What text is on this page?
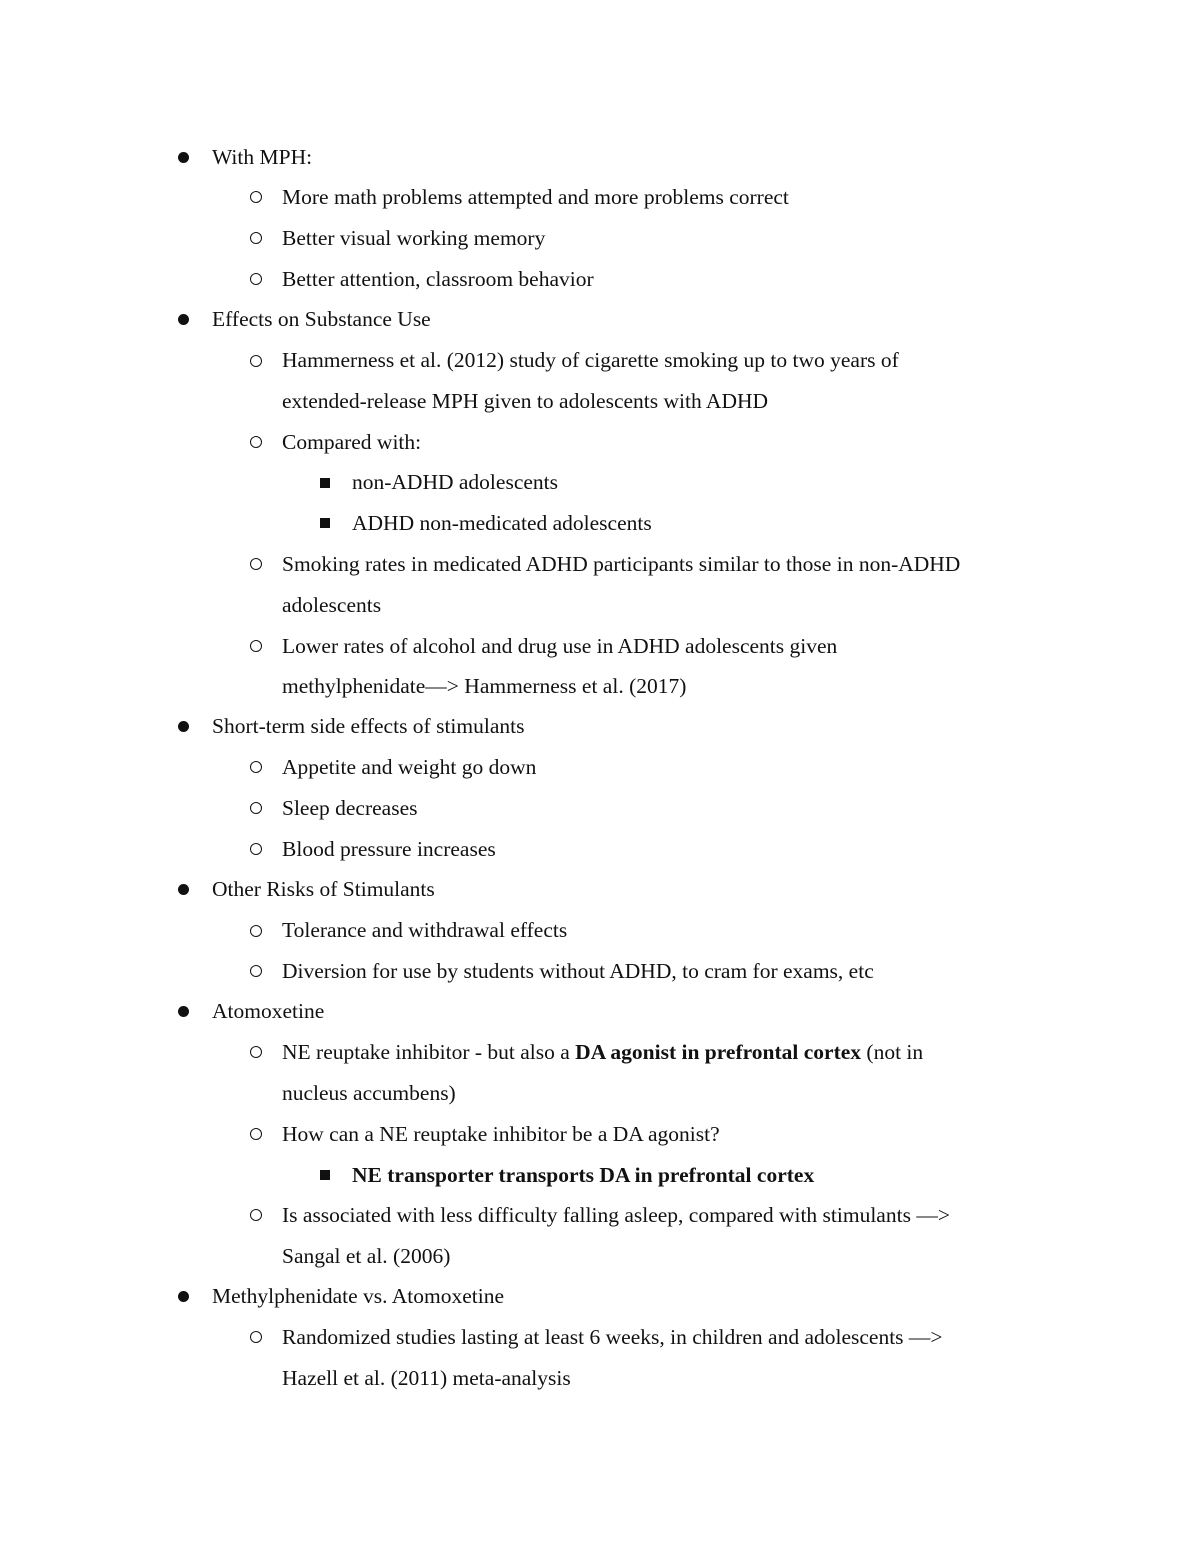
With MPH:
More math problems attempted and more problems correct
Better visual working memory
Better attention, classroom behavior
Effects on Substance Use
Hammerness et al. (2012) study of cigarette smoking up to two years of
extended-release MPH given to adolescents with ADHD
Compared with:
non-ADHD adolescents
ADHD non-medicated adolescents
Smoking rates in medicated ADHD participants similar to those in non-ADHD
adolescents
Lower rates of alcohol and drug use in ADHD adolescents given
methylphenidate—> Hammerness et al. (2017)
Short-term side effects of stimulants
Appetite and weight go down
Sleep decreases
Blood pressure increases
Other Risks of Stimulants
Tolerance and withdrawal effects
Diversion for use by students without ADHD, to cram for exams, etc
Atomoxetine
NE reuptake inhibitor - but also a DA agonist in prefrontal cortex (not in
nucleus accumbens)
How can a NE reuptake inhibitor be a DA agonist?
NE transporter transports DA in prefrontal cortex
Is associated with less difficulty falling asleep, compared with stimulants —>
Sangal et al. (2006)
Methylphenidate vs. Atomoxetine
Randomized studies lasting at least 6 weeks, in children and adolescents —>
Hazell et al. (2011) meta-analysis
